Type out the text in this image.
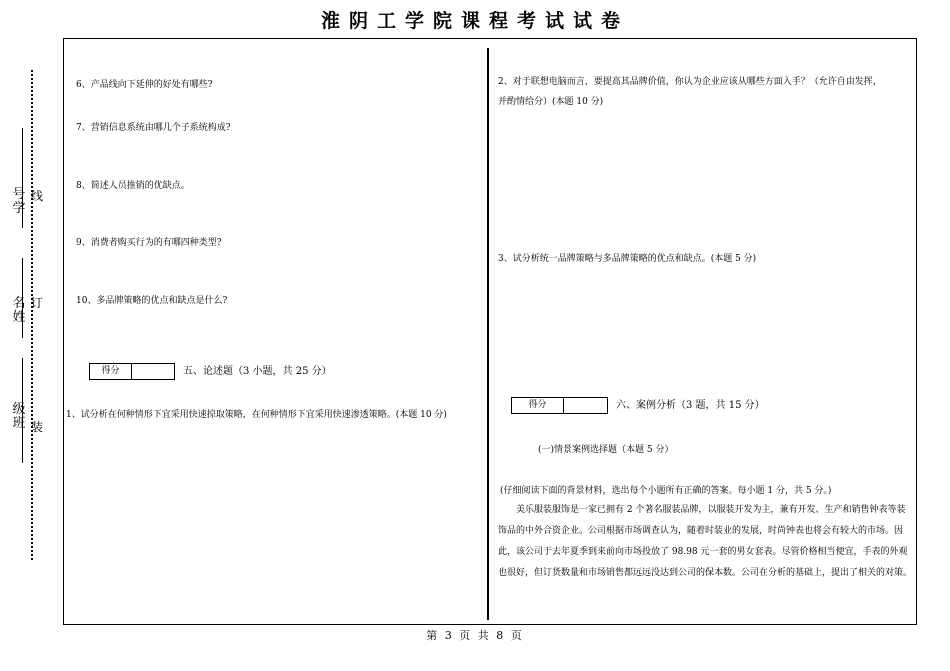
淮阴工学院课程考试试卷
号学
名姓
级班
线
订
装
6、产品线向下延伸的好处有哪些?
7、营销信息系统由哪几个子系统构成?
8、简述人员推销的优缺点。
9、消费者购买行为的有哪四种类型?
10、多品牌策略的优点和缺点是什么?
得分	五、论述题（3 小题，共 25 分）
1、试分析在何种情形下宜采用快速掠取策略，在何种情形下宜采用快速渗透策略。(本题 10 分)
2、对于联想电脑而言，要提高其品牌价值，你认为企业应该从哪些方面入手？（允许自由发挥，
并酌情给分）(本题 10 分)
3、试分析统一品牌策略与多品牌策略的优点和缺点。(本题 5 分)
得分	六、案例分析（3 题，共 15 分）
(一)情景案例选择题（本题 5 分）
(仔细阅读下面的背景材料，选出每个小题所有正确的答案。每小题 1 分，共 5 分。)
美乐服装服饰是一家已拥有 2 个著名服装品牌，以服装开发为主，兼有开发、生产和销售钟表等装饰品的中外合资企业。公司根据市场调查认为，随着时装业的发展，时尚钟表也将会有较大的市场。因此，该公司于去年夏季到来前向市场投放了 98.98 元一套的男女套表。尽管价格相当便宜，手表的外观也很好，但订货数量和市场销售都远远没达到公司的保本数。公司在分析的基础上，提出了相关的对策。
第 3 页 共 8 页
